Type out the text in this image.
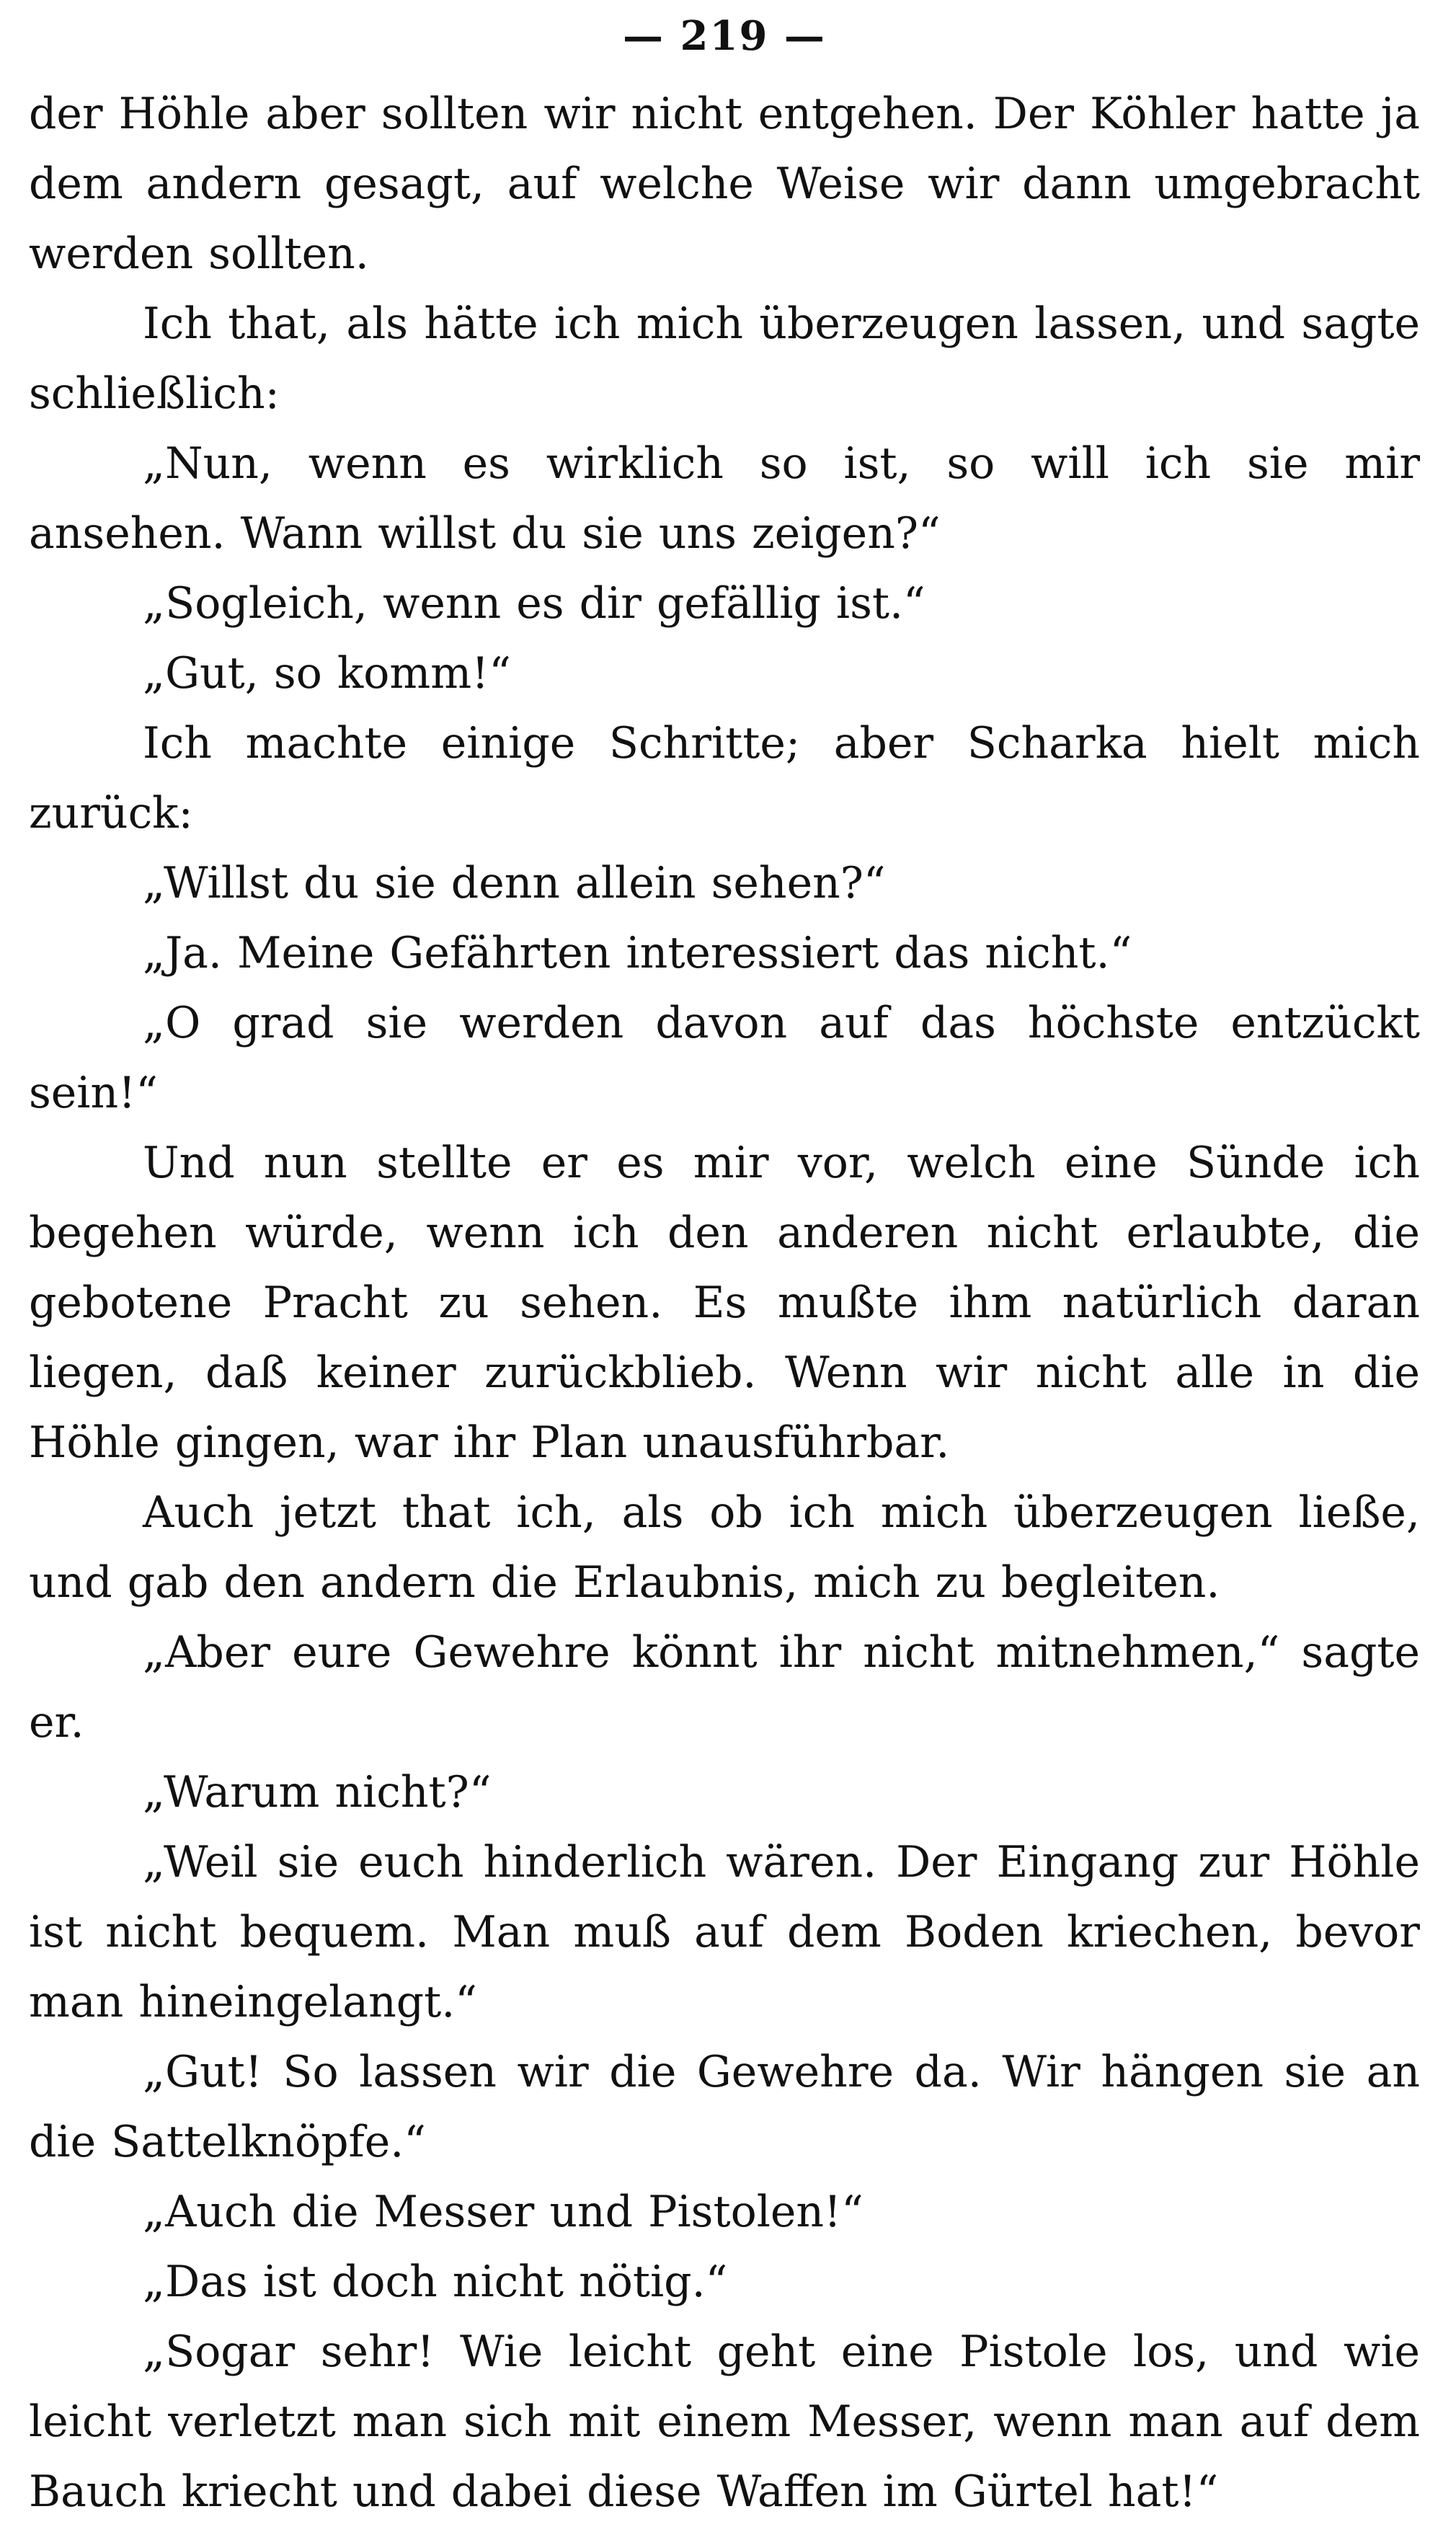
— 219 —

der Höhle aber sollten wir nicht entgehen. Der Köhler hatte ja dem andern gesagt, auf welche Weise wir dann umgebracht werden sollten.

Ich that, als hätte ich mich überzeugen lassen, und sagte schließlich:

„Nun, wenn es wirklich so ist, so will ich sie mir ansehen. Wann willst du sie uns zeigen?“

„Sogleich, wenn es dir gefällig ist.“

„Gut, so komm!“

Ich machte einige Schritte; aber Scharka hielt mich zurück:

„Willst du sie denn allein sehen?“

„Ja. Meine Gefährten interessiert das nicht.“

„O grad sie werden davon auf das höchste entzückt sein!“

Und nun stellte er es mir vor, welch eine Sünde ich begehen würde, wenn ich den anderen nicht erlaubte, die gebotene Pracht zu sehen. Es mußte ihm natürlich daran liegen, daß keiner zurückblieb. Wenn wir nicht alle in die Höhle gingen, war ihr Plan unausführbar.

Auch jetzt that ich, als ob ich mich überzeugen ließe, und gab den andern die Erlaubnis, mich zu begleiten.

„Aber eure Gewehre könnt ihr nicht mitnehmen,“ sagte er.

„Warum nicht?“

„Weil sie euch hinderlich wären. Der Eingang zur Höhle ist nicht bequem. Man muß auf dem Boden kriechen, bevor man hineingelangt.“

„Gut! So lassen wir die Gewehre da. Wir hängen sie an die Sattelknöpfe.“

„Auch die Messer und Pistolen!“

„Das ist doch nicht nötig.“

„Sogar sehr! Wie leicht geht eine Pistole los, und wie leicht verletzt man sich mit einem Messer, wenn man auf dem Bauch kriecht und dabei diese Waffen im Gürtel hat!“
